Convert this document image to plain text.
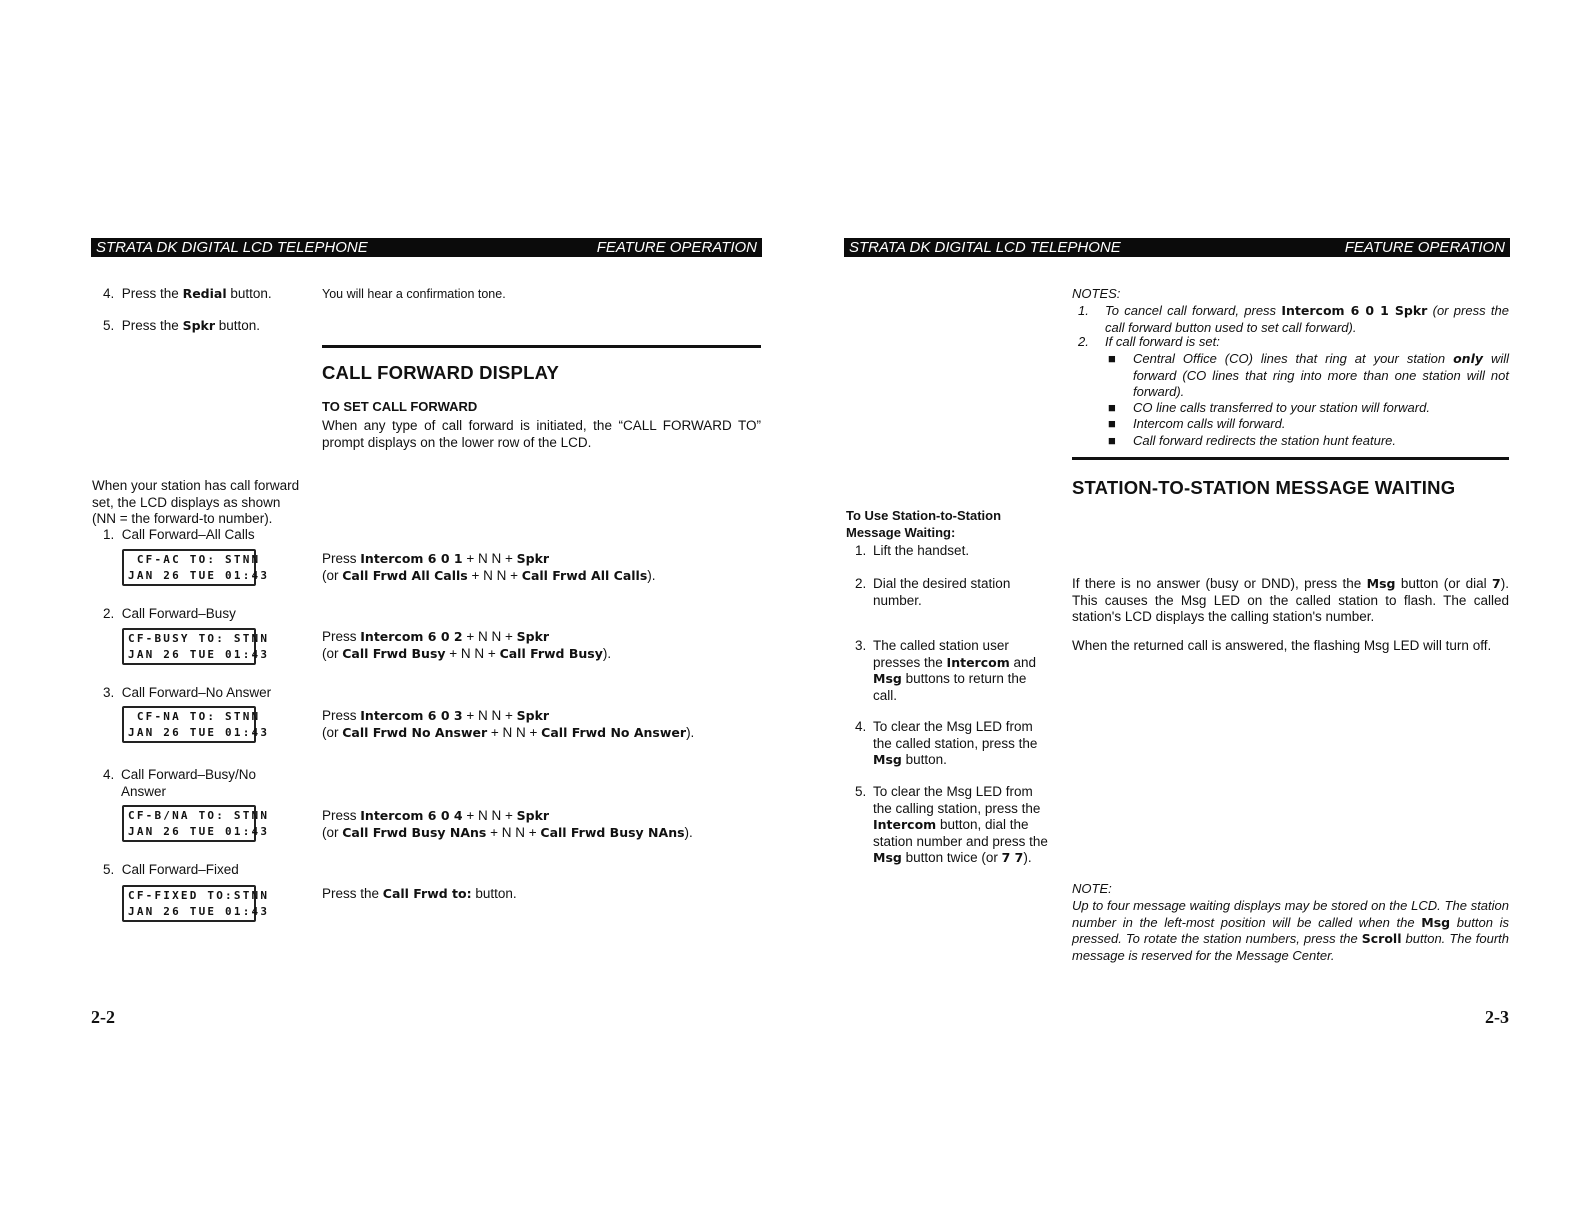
STRATA DK DIGITAL LCD TELEPHONE	FEATURE OPERATION
4. Press the Redial button.
5. Press the Spkr button.
You will hear a confirmation tone.
CALL FORWARD DISPLAY
TO SET CALL FORWARD
When any type of call forward is initiated, the “CALL FORWARD TO” prompt displays on the lower row of the LCD.
When your station has call forward set, the LCD displays as shown (NN = the forward-to number).
1. Call Forward–All Calls
CF-AC TO: STNN
JAN 26 TUE 01:43
Press Intercom 6 0 1 + N N + Spkr
(or Call Frwd All Calls + N N + Call Frwd All Calls).
2. Call Forward–Busy
CF-BUSY TO: STNN
JAN 26 TUE 01:43
Press Intercom 6 0 2 + N N + Spkr
(or Call Frwd Busy + N N + Call Frwd Busy).
3. Call Forward–No Answer
CF-NA TO: STNN
JAN 26 TUE 01:43
Press Intercom 6 0 3 + N N + Spkr
(or Call Frwd No Answer + N N + Call Frwd No Answer).
4. Call Forward–Busy/No Answer
CF-B/NA TO: STNN
JAN 26 TUE 01:43
Press Intercom 6 0 4 + N N + Spkr
(or Call Frwd Busy NAns + N N + Call Frwd Busy NAns).
5. Call Forward–Fixed
CF-FIXED TO:STNN
JAN 26 TUE 01:43
Press the Call Frwd to: button.
2-2
STRATA DK DIGITAL LCD TELEPHONE	FEATURE OPERATION
NOTES:
1. To cancel call forward, press Intercom 6 0 1 Spkr (or press the call forward button used to set call forward).
2. If call forward is set:
■ Central Office (CO) lines that ring at your station only will forward (CO lines that ring into more than one station will not forward).
■ CO line calls transferred to your station will forward.
■ Intercom calls will forward.
■ Call forward redirects the station hunt feature.
STATION-TO-STATION MESSAGE WAITING
To Use Station-to-Station Message Waiting:
1. Lift the handset.
2. Dial the desired station number.
3. The called station user presses the Intercom and Msg buttons to return the call.
4. To clear the Msg LED from the called station, press the Msg button.
5. To clear the Msg LED from the calling station, press the Intercom button, dial the station number and press the Msg button twice (or 7 7).
If there is no answer (busy or DND), press the Msg button (or dial 7). This causes the Msg LED on the called station to flash. The called station's LCD displays the calling station's number.
When the returned call is answered, the flashing Msg LED will turn off.
NOTE:
Up to four message waiting displays may be stored on the LCD. The station number in the left-most position will be called when the Msg button is pressed. To rotate the station numbers, press the Scroll button. The fourth message is reserved for the Message Center.
2-3
